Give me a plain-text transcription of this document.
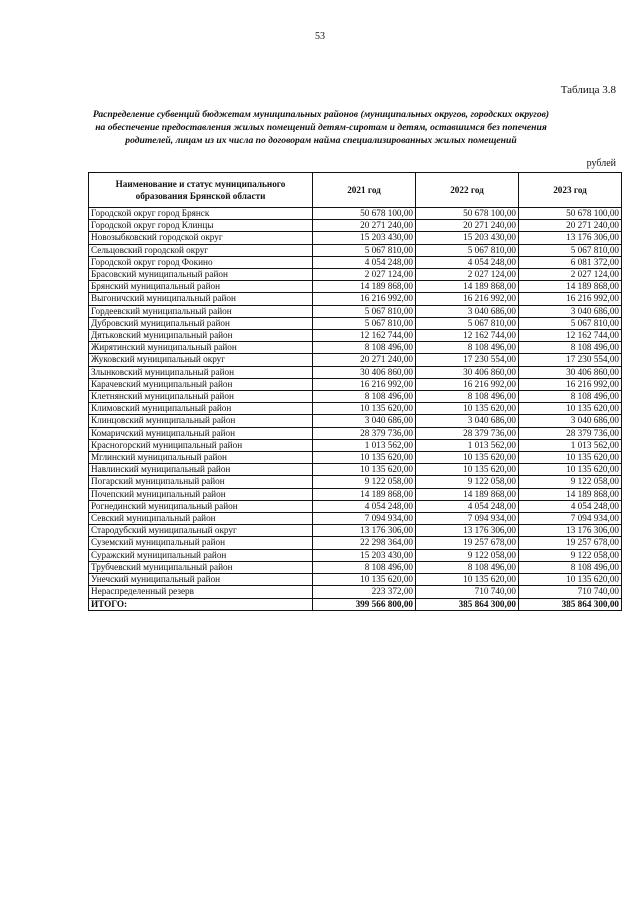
53
Таблица 3.8
Распределение субвенций бюджетам муниципальных районов (муниципальных округов, городских округов) на обеспечение предоставления жилых помещений детям-сиротам и детям, оставшимся без попечения родителей, лицам из их числа по договорам найма специализированных жилых помещений
рублей
Наименование и статус муниципального образования Брянской области	2021 год	2022 год	2023 год
Городской округ город Брянск	50 678 100,00	50 678 100,00	50 678 100,00
Городской округ город Клинцы	20 271 240,00	20 271 240,00	20 271 240,00
Новозыбковский городской округ	15 203 430,00	15 203 430,00	13 176 306,00
Сельцовский городской округ	5 067 810,00	5 067 810,00	5 067 810,00
Городской округ город Фокино	4 054 248,00	4 054 248,00	6 081 372,00
Брасовский муниципальный район	2 027 124,00	2 027 124,00	2 027 124,00
Брянский муниципальный район	14 189 868,00	14 189 868,00	14 189 868,00
Выгоничский муниципальный район	16 216 992,00	16 216 992,00	16 216 992,00
Гордеевский муниципальный район	5 067 810,00	3 040 686,00	3 040 686,00
Дубровский муниципальный район	5 067 810,00	5 067 810,00	5 067 810,00
Дятьковский муниципальный район	12 162 744,00	12 162 744,00	12 162 744,00
Жирятинский муниципальный район	8 108 496,00	8 108 496,00	8 108 496,00
Жуковский муниципальный округ	20 271 240,00	17 230 554,00	17 230 554,00
Злынковский муниципальный район	30 406 860,00	30 406 860,00	30 406 860,00
Карачевский муниципальный район	16 216 992,00	16 216 992,00	16 216 992,00
Клетнянский муниципальный район	8 108 496,00	8 108 496,00	8 108 496,00
Климовский муниципальный район	10 135 620,00	10 135 620,00	10 135 620,00
Клинцовский муниципальный район	3 040 686,00	3 040 686,00	3 040 686,00
Комаричский муниципальный район	28 379 736,00	28 379 736,00	28 379 736,00
Красногорский муниципальный район	1 013 562,00	1 013 562,00	1 013 562,00
Мглинский муниципальный район	10 135 620,00	10 135 620,00	10 135 620,00
Навлинский муниципальный район	10 135 620,00	10 135 620,00	10 135 620,00
Погарский муниципальный район	9 122 058,00	9 122 058,00	9 122 058,00
Почепский муниципальный район	14 189 868,00	14 189 868,00	14 189 868,00
Рогнединский муниципальный район	4 054 248,00	4 054 248,00	4 054 248,00
Севский муниципальный район	7 094 934,00	7 094 934,00	7 094 934,00
Стародубский муниципальный округ	13 176 306,00	13 176 306,00	13 176 306,00
Суземский муниципальный район	22 298 364,00	19 257 678,00	19 257 678,00
Суражский муниципальный район	15 203 430,00	9 122 058,00	9 122 058,00
Трубчевский муниципальный район	8 108 496,00	8 108 496,00	8 108 496,00
Унечский муниципальный район	10 135 620,00	10 135 620,00	10 135 620,00
Нераспределенный резерв	223 372,00	710 740,00	710 740,00
ИТОГО:	399 566 800,00	385 864 300,00	385 864 300,00
